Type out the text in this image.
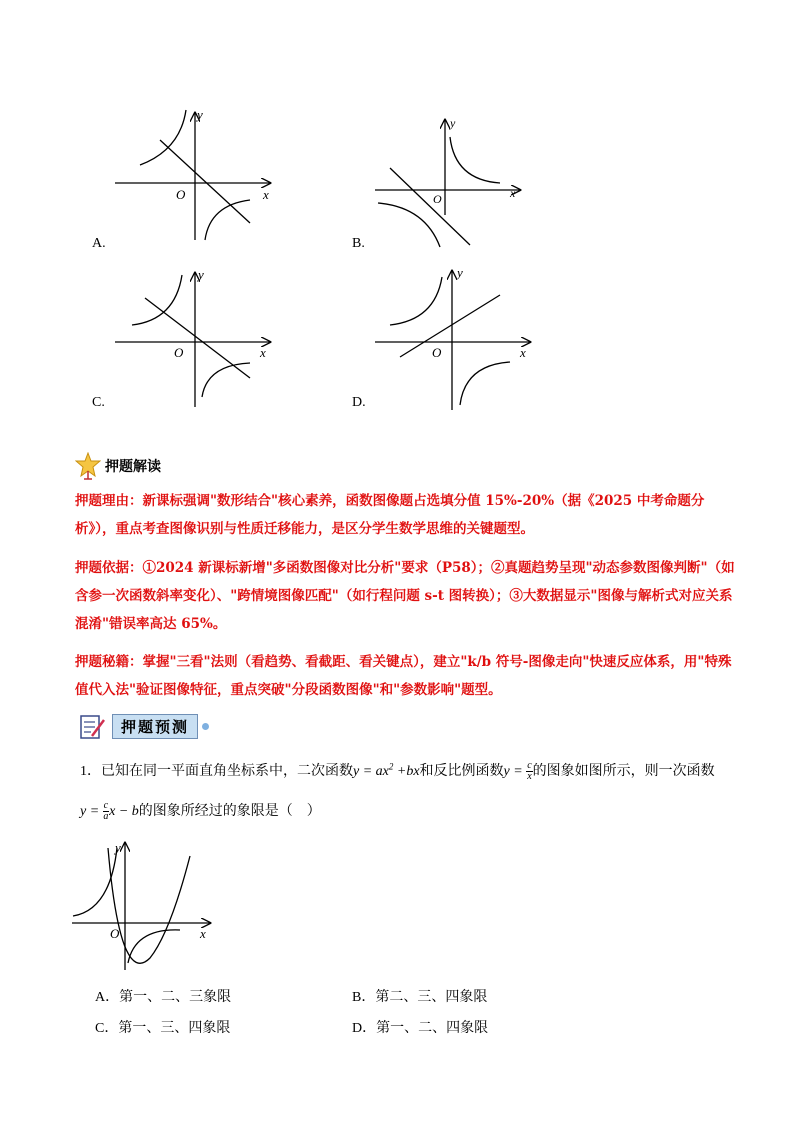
y
x
O
A.
y
x
O
B.
y
x
O
C.
y
x
O
D.
押题解读
押题理由：新课标强调"数形结合"核心素养，函数图像题占选填分值 15%-20%（据《2025 中考命题分析》），重点考查图像识别与性质迁移能力，是区分学生数学思维的关键题型。
押题依据：①2024 新课标新增"多函数图像对比分析"要求（P58）；②真题趋势呈现"动态参数图像判断"（如含参一次函数斜率变化）、"跨情境图像匹配"（如行程问题 s-t 图转换）；③大数据显示"图像与解析式对应关系混淆"错误率高达 65%。
押题秘籍：掌握"三看"法则（看趋势、看截距、看关键点），建立"k/b 符号-图像走向"快速反应体系，用"特殊值代入法"验证图像特征，重点突破"分段函数图像"和"参数影响"题型。
押题预测
1．已知在同一平面直角坐标系中，二次函数$y = ax^2 +bx$和反比例函数$y = \frac{c}{x}$ 的图象如图所示，则一次函数
$y = \frac{c}{a}$ x − b的图象所经过的象限是（　）
y
x
O
A．第一、二、三象限	B．第二、三、四象限
C．第一、三、四象限	D．第一、二、四象限
